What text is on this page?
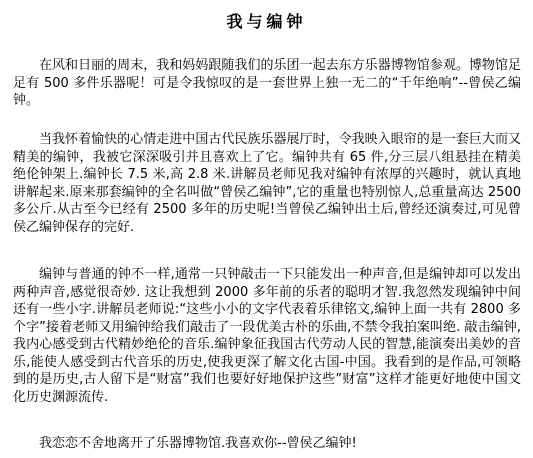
我与编钟

在风和日丽的周末，我和妈妈跟随我们的乐团一起去东方乐器博物馆参观。博物馆足足有 500 多件乐器呢！可是令我惊叹的是一套世界上独一无二的“千年绝响”--曾侯乙编钟。

当我怀着愉快的心情走进中国古代民族乐器展厅时，令我映入眼帘的是一套巨大而又精美的编钟，我被它深深吸引并且喜欢上了它。编钟共有 65 件,分三层八组悬挂在精美绝伦钟架上.编钟长 7.5 米,高 2.8 米.讲解员老师见我对编钟有浓厚的兴趣时，就认真地讲解起来.原来那套编钟的全名叫做“曾侯乙编钟”,它的重量也特别惊人,总重量高达 2500 多公斤.从古至今已经有 2500 多年的历史呢!当曾侯乙编钟出土后,曾经还演奏过,可见曾侯乙编钟保存的完好.

编钟与普通的钟不一样,通常一只钟敲击一下只能发出一种声音,但是编钟却可以发出两种声音,感觉很奇妙. 这让我想到 2000 多年前的乐者的聪明才智.我忽然发现编钟中间还有一些小字.讲解员老师说:“这些小小的文字代表着乐律铭文,编钟上面一共有 2800 多个字”接着老师又用编钟给我们敲击了一段优美古朴的乐曲,不禁令我拍案叫绝. 敲击编钟,我内心感受到古代精妙绝伦的音乐.编钟象征我国古代劳动人民的智慧,能演奏出美妙的音乐,能使人感受到古代音乐的历史,使我更深了解文化古国-中国。我看到的是作品,可领略到的是历史,古人留下是“财富”我们也要好好地保护这些”财富”这样才能更好地使中国文化历史渊源流传.

我恋恋不舍地离开了乐器博物馆.我喜欢你--曾侯乙编钟!
